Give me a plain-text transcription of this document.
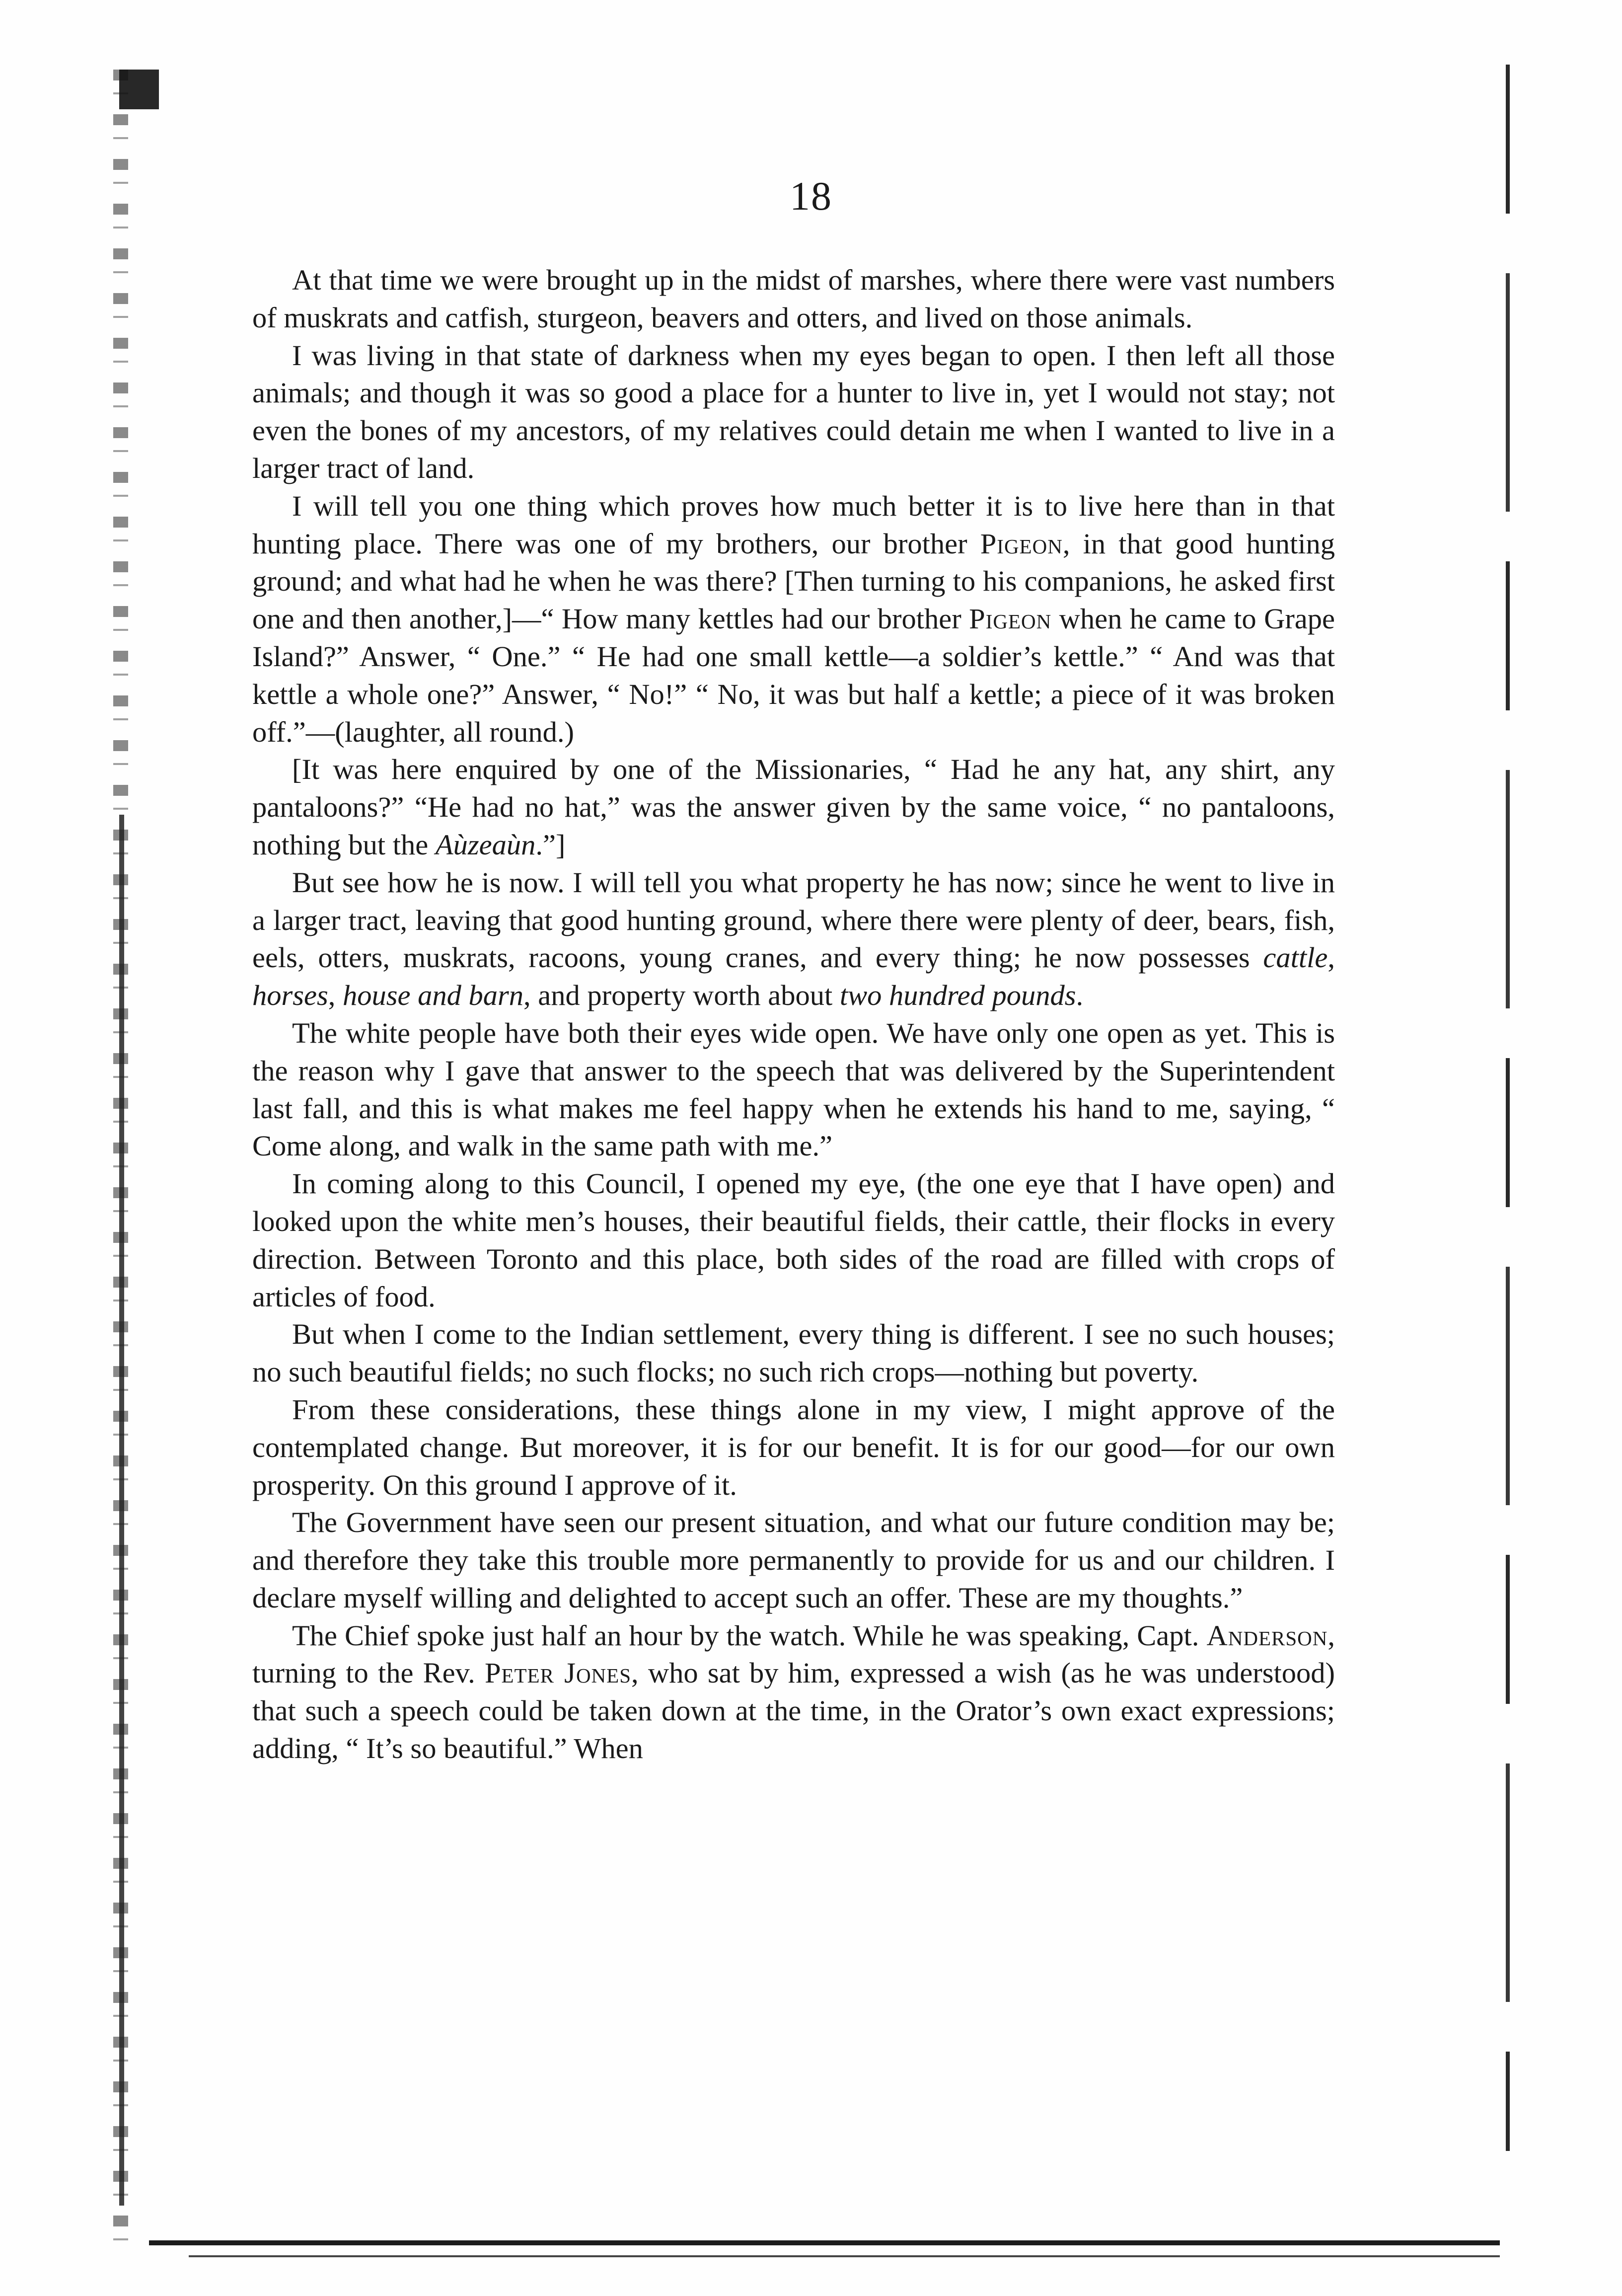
18

At that time we were brought up in the midst of marshes, where there were vast numbers of muskrats and catfish, sturgeon, beavers and otters, and lived on those animals.

I was living in that state of darkness when my eyes began to open. I then left all those animals; and though it was so good a place for a hunter to live in, yet I would not stay; not even the bones of my ancestors, of my relatives could detain me when I wanted to live in a larger tract of land.

I will tell you one thing which proves how much better it is to live here than in that hunting place. There was one of my brothers, our brother Pigeon, in that good hunting ground; and what had he when he was there? [Then turning to his companions, he asked first one and then another,]—“ How many kettles had our brother Pigeon when he came to Grape Island?” Answer, “ One.” “ He had one small kettle—a soldier’s kettle.” “ And was that kettle a whole one?” Answer, “ No!” “ No, it was but half a kettle; a piece of it was broken off.”—(laughter, all round.)

[It was here enquired by one of the Missionaries, “ Had he any hat, any shirt, any pantaloons?” “He had no hat,” was the answer given by the same voice, “ no pantaloons, nothing but the Aùzeaùn.”]

But see how he is now. I will tell you what property he has now; since he went to live in a larger tract, leaving that good hunting ground, where there were plenty of deer, bears, fish, eels, otters, muskrats, racoons, young cranes, and every thing; he now possesses cattle, horses, house and barn, and property worth about two hundred pounds.

The white people have both their eyes wide open. We have only one open as yet. This is the reason why I gave that answer to the speech that was delivered by the Superintendent last fall, and this is what makes me feel happy when he extends his hand to me, saying, “ Come along, and walk in the same path with me.”

In coming along to this Council, I opened my eye, (the one eye that I have open) and looked upon the white men’s houses, their beautiful fields, their cattle, their flocks in every direction. Between Toronto and this place, both sides of the road are filled with crops of articles of food.

But when I come to the Indian settlement, every thing is different. I see no such houses; no such beautiful fields; no such flocks; no such rich crops—nothing but poverty.

From these considerations, these things alone in my view, I might approve of the contemplated change. But moreover, it is for our benefit. It is for our good—for our own prosperity. On this ground I approve of it.

The Government have seen our present situation, and what our future condition may be; and therefore they take this trouble more permanently to provide for us and our children. I declare myself willing and delighted to accept such an offer. These are my thoughts.”

The Chief spoke just half an hour by the watch. While he was speaking, Capt. Anderson, turning to the Rev. Peter Jones, who sat by him, expressed a wish (as he was understood) that such a speech could be taken down at the time, in the Orator’s own exact expressions; adding, “ It’s so beautiful.” When
